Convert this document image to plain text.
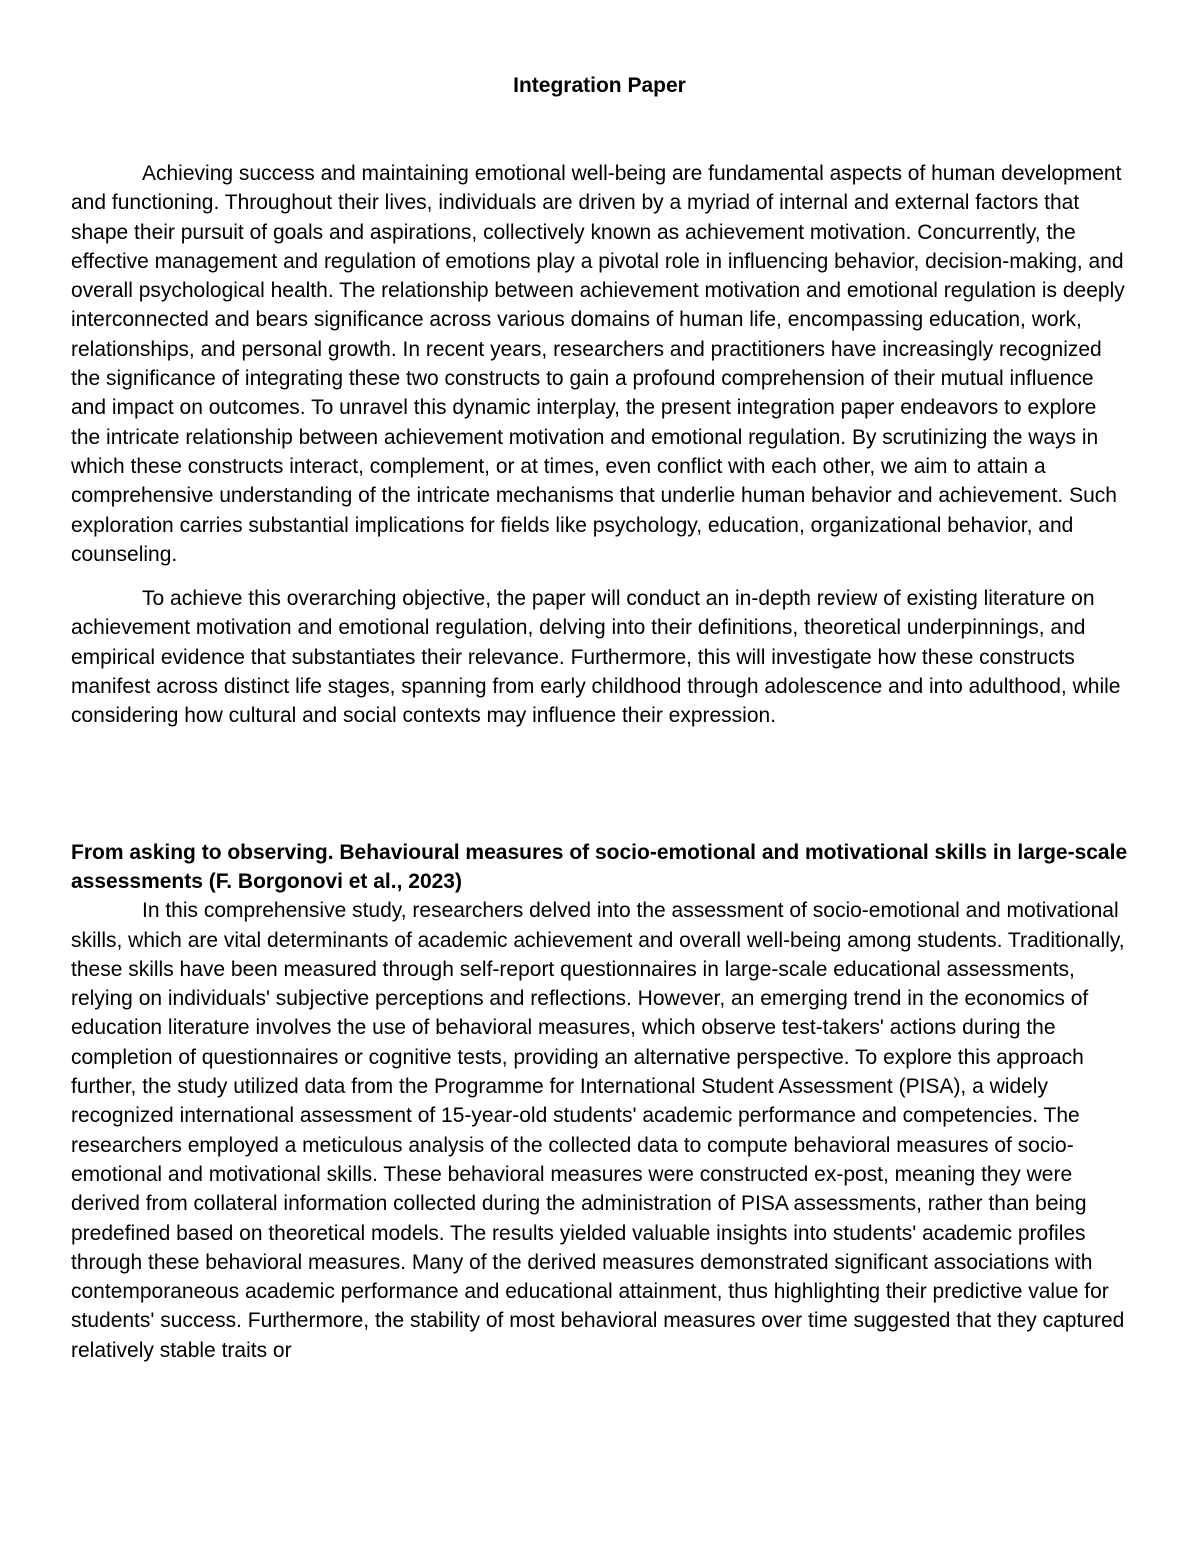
Integration Paper

Achieving success and maintaining emotional well-being are fundamental aspects of human development and functioning. Throughout their lives, individuals are driven by a myriad of internal and external factors that shape their pursuit of goals and aspirations, collectively known as achievement motivation. Concurrently, the effective management and regulation of emotions play a pivotal role in influencing behavior, decision-making, and overall psychological health. The relationship between achievement motivation and emotional regulation is deeply interconnected and bears significance across various domains of human life, encompassing education, work, relationships, and personal growth. In recent years, researchers and practitioners have increasingly recognized the significance of integrating these two constructs to gain a profound comprehension of their mutual influence and impact on outcomes. To unravel this dynamic interplay, the present integration paper endeavors to explore the intricate relationship between achievement motivation and emotional regulation. By scrutinizing the ways in which these constructs interact, complement, or at times, even conflict with each other, we aim to attain a comprehensive understanding of the intricate mechanisms that underlie human behavior and achievement. Such exploration carries substantial implications for fields like psychology, education, organizational behavior, and counseling.

To achieve this overarching objective, the paper will conduct an in-depth review of existing literature on achievement motivation and emotional regulation, delving into their definitions, theoretical underpinnings, and empirical evidence that substantiates their relevance. Furthermore, this will investigate how these constructs manifest across distinct life stages, spanning from early childhood through adolescence and into adulthood, while considering how cultural and social contexts may influence their expression.

From asking to observing. Behavioural measures of socio-emotional and motivational skills in large-scale assessments (F. Borgonovi et al., 2023)

In this comprehensive study, researchers delved into the assessment of socio-emotional and motivational skills, which are vital determinants of academic achievement and overall well-being among students. Traditionally, these skills have been measured through self-report questionnaires in large-scale educational assessments, relying on individuals' subjective perceptions and reflections. However, an emerging trend in the economics of education literature involves the use of behavioral measures, which observe test-takers' actions during the completion of questionnaires or cognitive tests, providing an alternative perspective. To explore this approach further, the study utilized data from the Programme for International Student Assessment (PISA), a widely recognized international assessment of 15-year-old students' academic performance and competencies. The researchers employed a meticulous analysis of the collected data to compute behavioral measures of socio-emotional and motivational skills. These behavioral measures were constructed ex-post, meaning they were derived from collateral information collected during the administration of PISA assessments, rather than being predefined based on theoretical models. The results yielded valuable insights into students' academic profiles through these behavioral measures. Many of the derived measures demonstrated significant associations with contemporaneous academic performance and educational attainment, thus highlighting their predictive value for students' success. Furthermore, the stability of most behavioral measures over time suggested that they captured relatively stable traits or
